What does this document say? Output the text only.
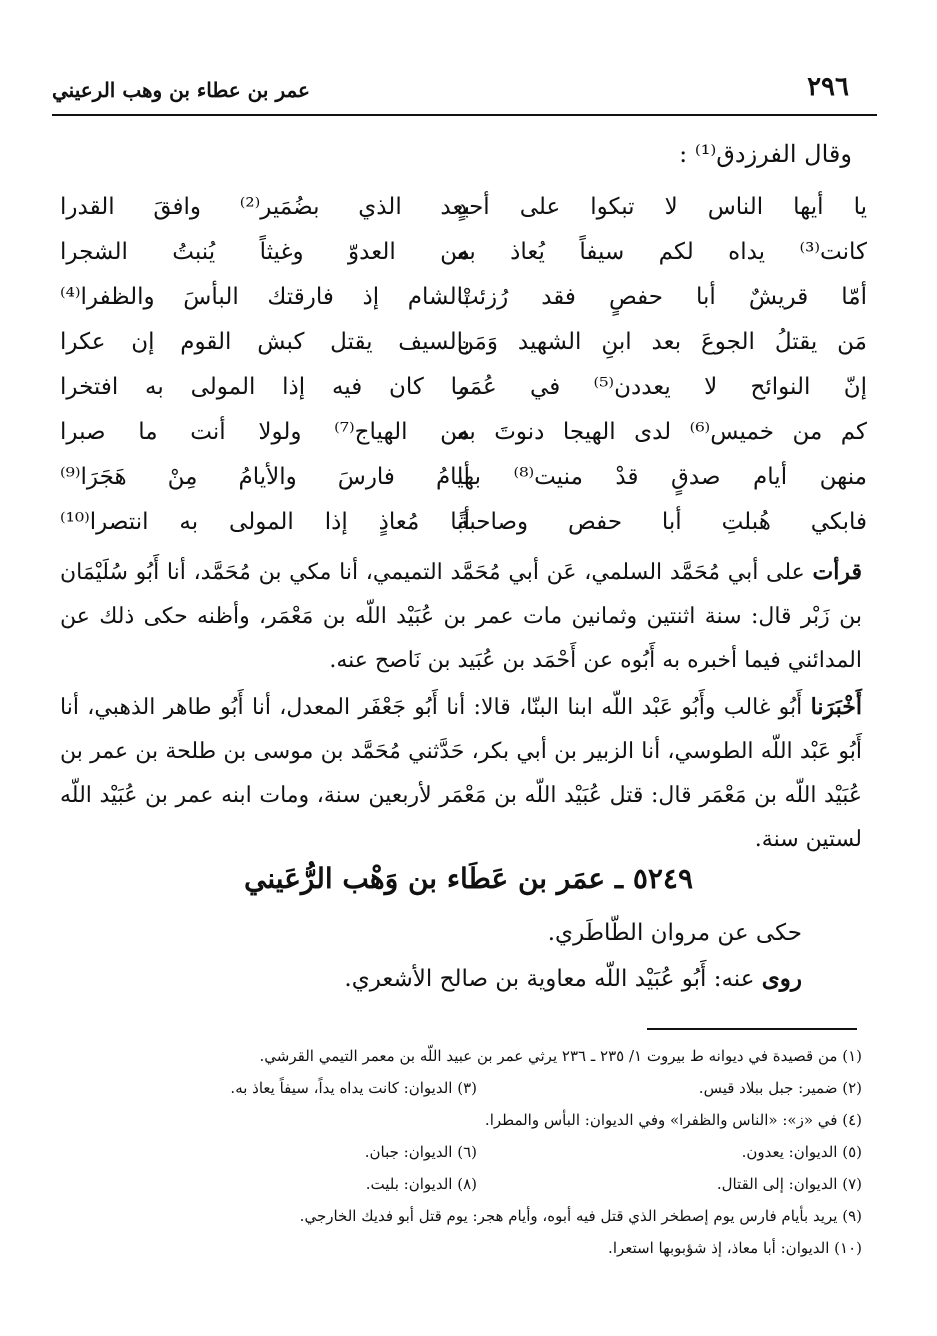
٢٩٦
عمر بن عطاء بن وهب الرعيني
وقال الفرزدق⁽¹⁾ :
يا أيها الناس لا تبكوا على أحدٍ
كانت⁽³⁾ يداه لكم سيفاً يُعاذ به
أمّا قريشٌ أبا حفصٍ فقد رُزئتْ
مَن يقتلُ الجوعَ بعد ابنِ الشهيد وَمَن
إنّ النوائح لا يعددن⁽⁵⁾ في عُمَر
كم من خميس⁽⁶⁾ لدى الهيجا دنوتَ به
منهن أيام صدقٍ قدْ منيت⁽⁸⁾ بها
فابكي هُبلتِ أبا حفص وصاحبةً
بعد الذي بضُمَير⁽²⁾ وافقَ القدرا
من العدوّ وغيثاً يُنبتُ الشجرا
بالشام إذ فارقتك البأسَ والظفرا⁽⁴⁾
بالسيف يقتل كبش القوم إن عكرا
ما كان فيه إذا المولى به افتخرا
من الهياج⁽⁷⁾ ولولا أنت ما صبرا
أيامُ فارسَ والأيامُ مِنْ هَجَرَا⁽⁹⁾
أبا مُعاذٍ إذا المولى به انتصرا⁽¹⁰⁾
قرأت على أبي مُحَمَّد السلمي، عَن أبي مُحَمَّد التميمي، أنا مكي بن مُحَمَّد، أنا أَبُو سُلَيْمَان بن زَبْر قال: سنة اثنتين وثمانين مات عمر بن عُبَيْد اللّه بن مَعْمَر، وأظنه حكى ذلك عن المدائني فيما أخبره به أَبُوه عن أَحْمَد بن عُبَيد بن نَاصح عنه.
أَخْبَرَنا أَبُو غالب وأَبُو عَبْد اللّه ابنا البنّا، قالا: أنا أَبُو جَعْفَر المعدل، أنا أَبُو طاهر الذهبي، أنا أَبُو عَبْد اللّه الطوسي، أنا الزبير بن أبي بكر، حَدَّثني مُحَمَّد بن موسى بن طلحة بن عمر بن عُبَيْد اللّه بن مَعْمَر قال: قتل عُبَيْد اللّه بن مَعْمَر لأربعين سنة، ومات ابنه عمر بن عُبَيْد اللّه لستين سنة.
٥٢٤٩ ـ عمَر بن عَطَاء بن وَهْب الرُّعَيني
حكى عن مروان الطّاطَري.
روى عنه: أَبُو عُبَيْد اللّه معاوية بن صالح الأشعري.
(١) من قصيدة في ديوانه ط بيروت ١/ ٢٣٥ ـ ٢٣٦ يرثي عمر بن عبيد اللّه بن معمر التيمي القرشي.
(٢) ضمير: جبل ببلاد قيس.
(٣) الديوان: كانت يداه يداً، سيفاً يعاذ به.
(٤) في «ز»: «الناس والظفرا» وفي الديوان: البأس والمطرا.
(٥) الديوان: يعدون.
(٦) الديوان: جبان.
(٧) الديوان: إلى القتال.
(٨) الديوان: بليت.
(٩) يريد بأيام فارس يوم إصطخر الذي قتل فيه أبوه، وأيام هجر: يوم قتل أبو فديك الخارجي.
(١٠) الديوان: أبا معاذ، إذ شؤبوبها استعرا.
